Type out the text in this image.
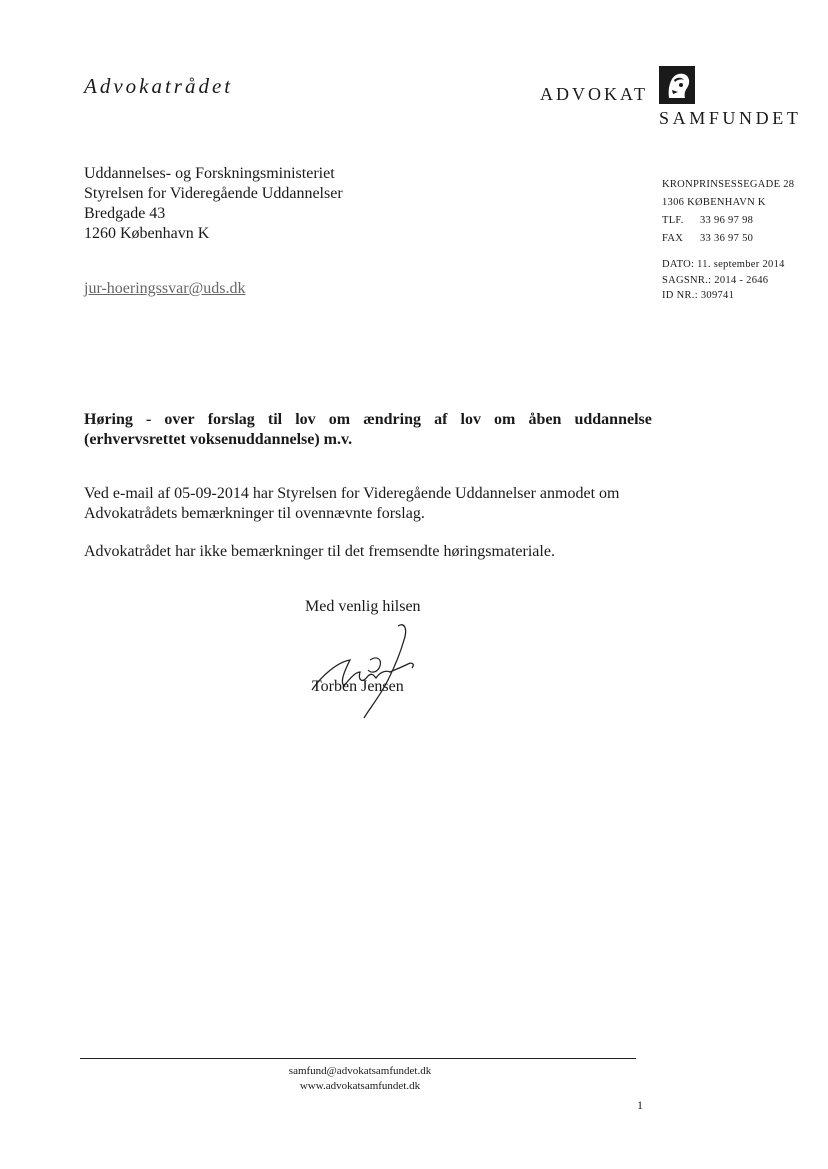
Advokatrådet	ADVOKAT
SAMFUNDET
Uddannelses- og Forskningsministeriet
Styrelsen for Videregående Uddannelser
Bredgade 43
1260 København K
jur-hoeringssvar@uds.dk
KRONPRINSESSEGADE 28
1306 KØBENHAVN K
TLF. 33 96 97 98
FAX 33 36 97 50
DATO: 11. september 2014
SAGSNR.: 2014 - 2646
ID NR.: 309741
Høring - over forslag til lov om ændring af lov om åben uddannelse
(erhvervsrettet voksenuddannelse) m.v.
Ved e-mail af 05-09-2014 har Styrelsen for Videregående Uddannelser anmodet om Advokatrådets bemærkninger til ovennævnte forslag.
Advokatrådet har ikke bemærkninger til det fremsendte høringsmateriale.
Med venlig hilsen
Torben Jensen
samfund@advokatsamfundet.dk
www.advokatsamfundet.dk
1
